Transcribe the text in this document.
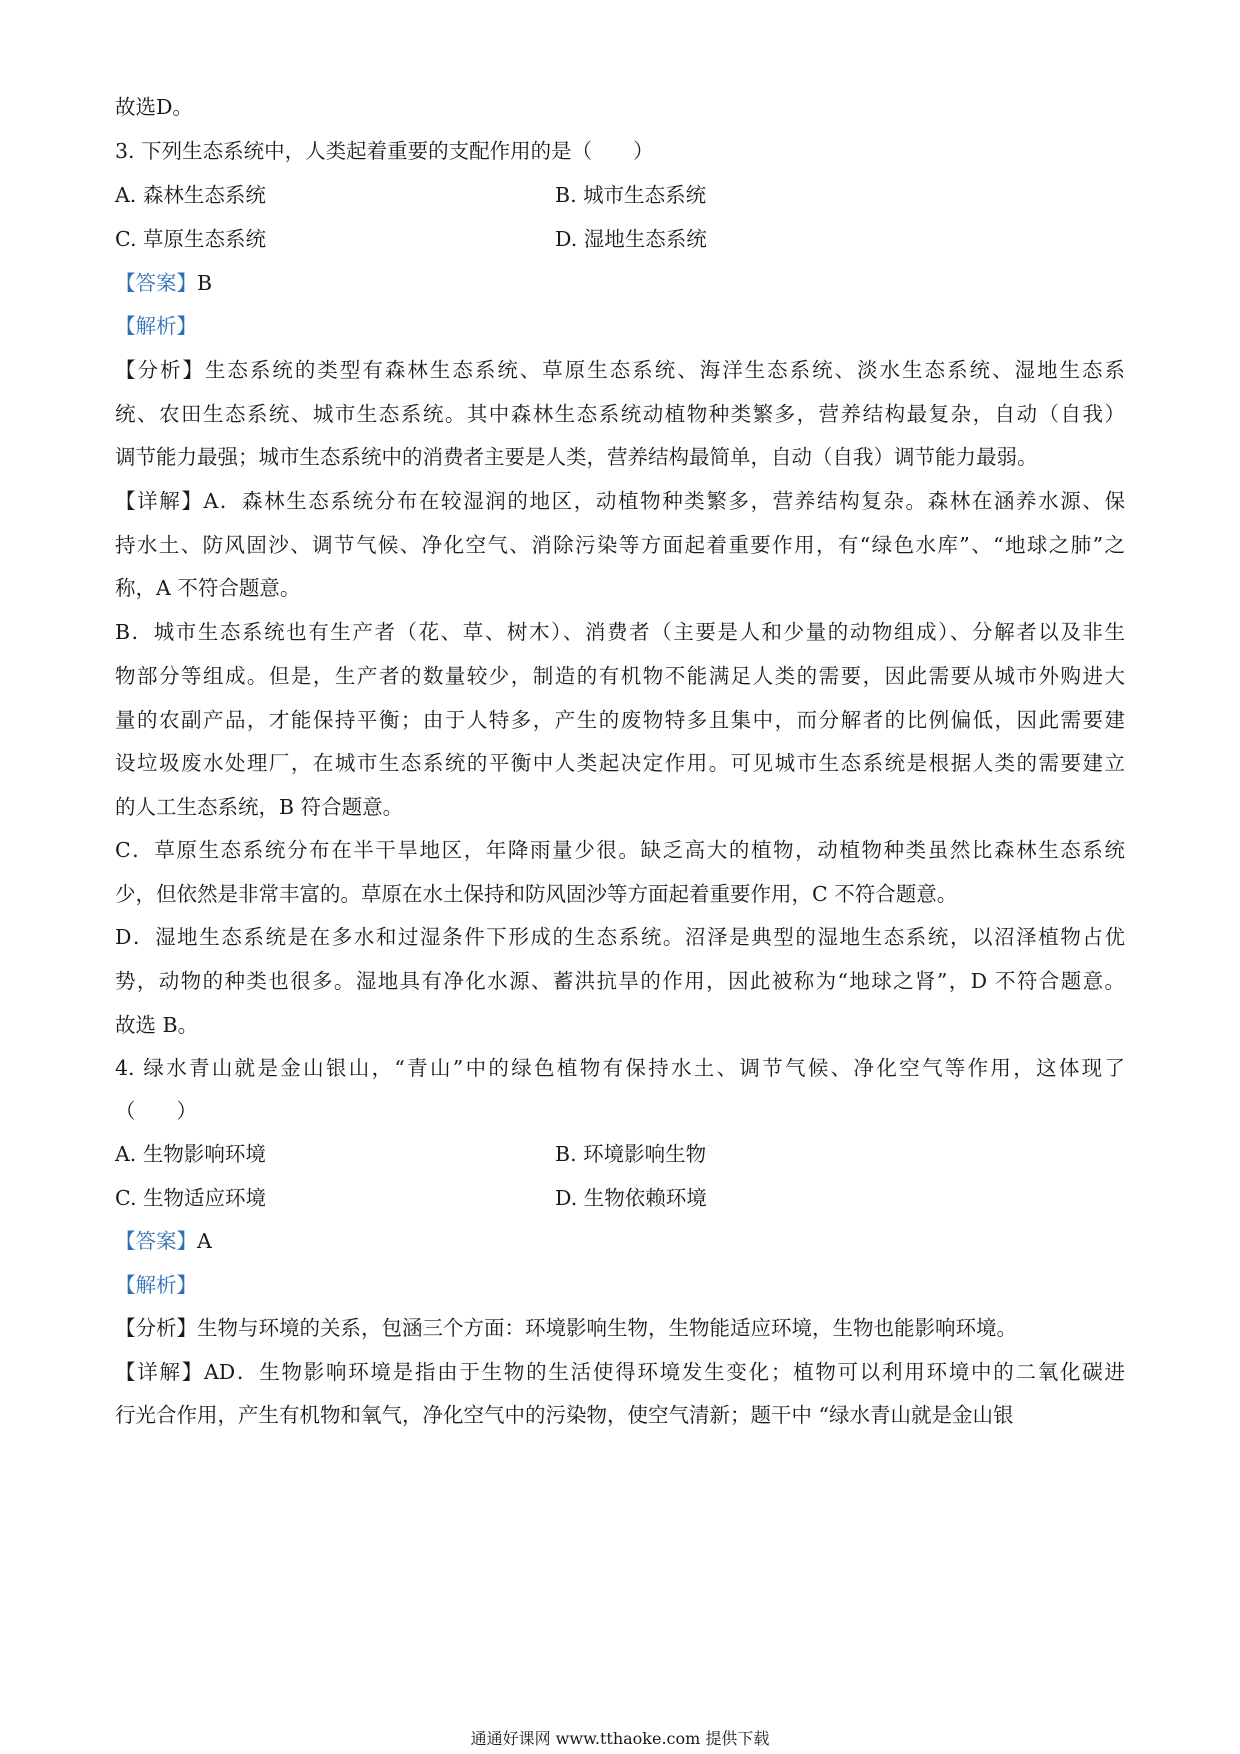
故选D。
3. 下列生态系统中，人类起着重要的支配作用的是（　　）
A. 森林生态系统	B. 城市生态系统
C. 草原生态系统	D. 湿地生态系统
【答案】B
【解析】
【分析】生态系统的类型有森林生态系统、草原生态系统、海洋生态系统、淡水生态系统、湿地生态系
统、农田生态系统、城市生态系统。其中森林生态系统动植物种类繁多，营养结构最复杂，自动（自我）
调节能力最强；城市生态系统中的消费者主要是人类，营养结构最简单，自动（自我）调节能力最弱。
【详解】A．森林生态系统分布在较湿润的地区，动植物种类繁多，营养结构复杂。森林在涵养水源、保
持水土、防风固沙、调节气候、净化空气、消除污染等方面起着重要作用，有“绿色水库”、“地球之肺”之
称，A 不符合题意。
B．城市生态系统也有生产者（花、草、树木）、消费者（主要是人和少量的动物组成）、分解者以及非生
物部分等组成。但是，生产者的数量较少，制造的有机物不能满足人类的需要，因此需要从城市外购进大
量的农副产品，才能保持平衡；由于人特多，产生的废物特多且集中，而分解者的比例偏低，因此需要建
设垃圾废水处理厂，在城市生态系统的平衡中人类起决定作用。可见城市生态系统是根据人类的需要建立
的人工生态系统，B 符合题意。
C．草原生态系统分布在半干旱地区，年降雨量少很。缺乏高大的植物，动植物种类虽然比森林生态系统
少，但依然是非常丰富的。草原在水土保持和防风固沙等方面起着重要作用，C 不符合题意。
D．湿地生态系统是在多水和过湿条件下形成的生态系统。沼泽是典型的湿地生态系统，以沼泽植物占优
势，动物的种类也很多。湿地具有净化水源、蓄洪抗旱的作用，因此被称为“地球之肾”，D 不符合题意。
故选 B。
4. 绿水青山就是金山银山，“青山”中的绿色植物有保持水土、调节气候、净化空气等作用，这体现了
（　　）
A. 生物影响环境	B. 环境影响生物
C. 生物适应环境	D. 生物依赖环境
【答案】A
【解析】
【分析】生物与环境的关系，包涵三个方面：环境影响生物，生物能适应环境，生物也能影响环境。
【详解】AD．生物影响环境是指由于生物的生活使得环境发生变化；植物可以利用环境中的二氧化碳进
行光合作用，产生有机物和氧气，净化空气中的污染物，使空气清新；题干中 “绿水青山就是金山银
通通好课网 www.tthaoke.com 提供下载
